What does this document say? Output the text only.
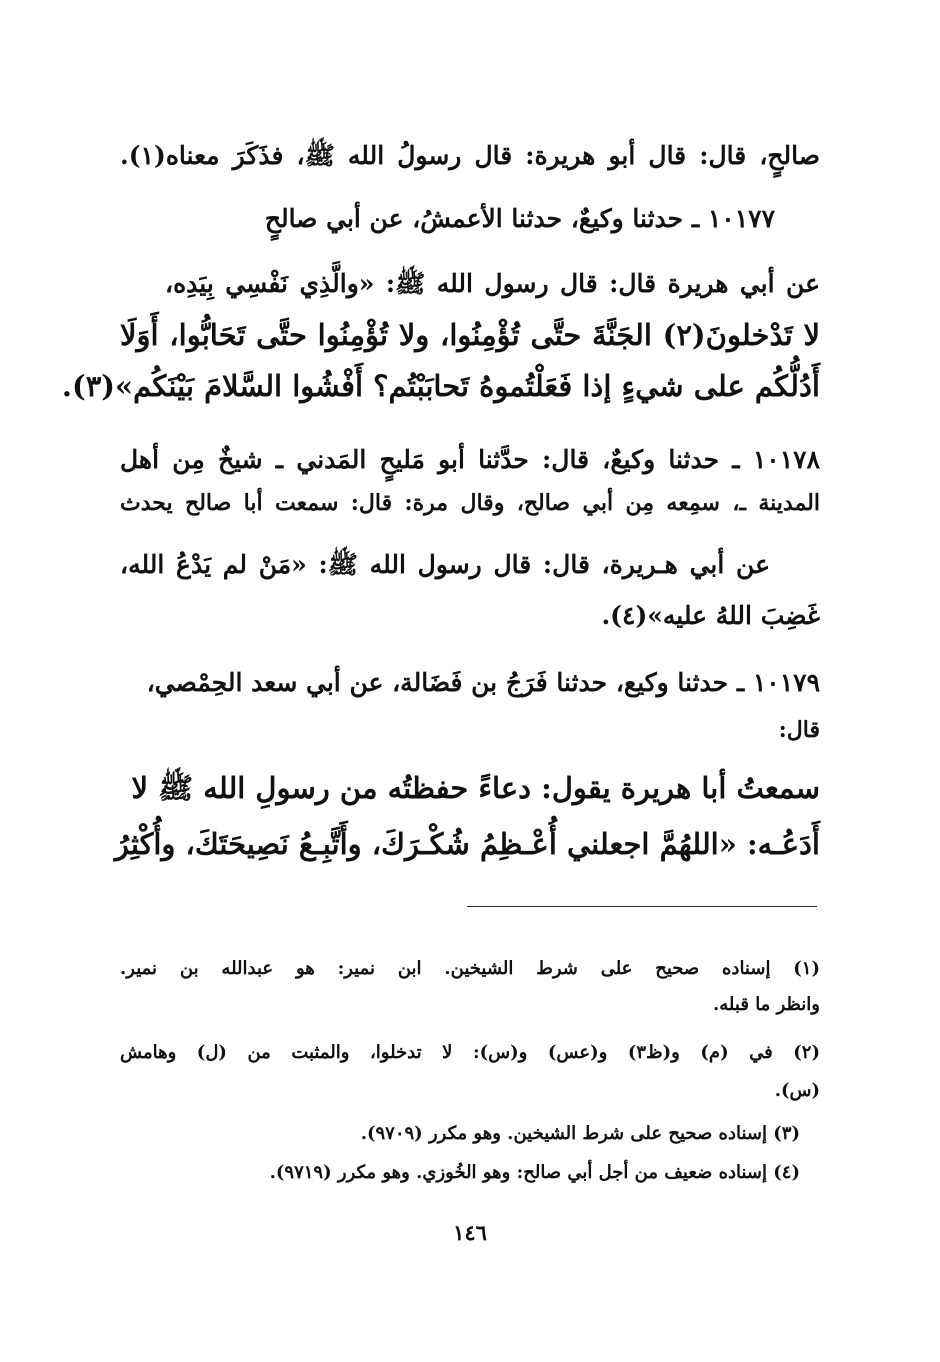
صالحٍ، قال: قال أبو هريرة: قال رسولُ الله ﷺ، فذَكَرَ معناه(١).
١٠١٧٧ ـ حدثنا وكيعٌ، حدثنا الأعمشُ، عن أبي صالحٍ
عن أبي هريرة قال: قال رسول الله ﷺ: «والَّذِي نَفْسِي بِيَدِه،
لا تَدْخلونَ(٢) الجَنَّةَ حتَّى تُؤْمِنُوا، ولا تُؤْمِنُوا حتَّى تَحَابُّوا، أَوَلَا
أَدُلُّكُم على شيءٍ إذا فَعَلْتُموهُ تَحابَبْتُم؟ أَفْشُوا السَّلامَ بَيْنَكُم»(٣).
١٠١٧٨ ـ حدثنا وكيعٌ، قال: حدَّثنا أبو مَليحٍ المَدني ـ شيخٌ مِن أهل
المدينة ـ، سمِعه مِن أبي صالح، وقال مرة: قال: سمعت أبا صالح يحدث
عن أبي هـريرة، قال: قال رسول الله ﷺ: «مَنْ لم يَدْعُ الله،
غَضِبَ اللهُ عليه»(٤).
١٠١٧٩ ـ حدثنا وكيع، حدثنا فَرَجُ بن فَضَالة، عن أبي سعد الحِمْصي،
قال:
سمعتُ أبا هريرة يقول: دعاءً حفظتُه من رسولِ الله ﷺ لا
أَدَعُـه: «اللهُمَّ اجعلني أُعْـظِمُ شُكْـرَكَ، وأَتَّبِـعُ نَصِيحَتَكَ، وأُكْثِرُ
(١) إسناده صحيح على شرط الشيخين. ابن نمير: هو عبدالله بن نمير.
وانظر ما قبله.
(٢) في (م) و(ظ٣) و(عس) و(س): لا تدخلوا، والمثبت من (ل) وهامش
(س).
(٣) إسناده صحيح على شرط الشيخين. وهو مكرر (٩٧٠٩).
(٤) إسناده ضعيف من أجل أبي صالح: وهو الخُوزي. وهو مكرر (٩٧١٩).
١٤٦
